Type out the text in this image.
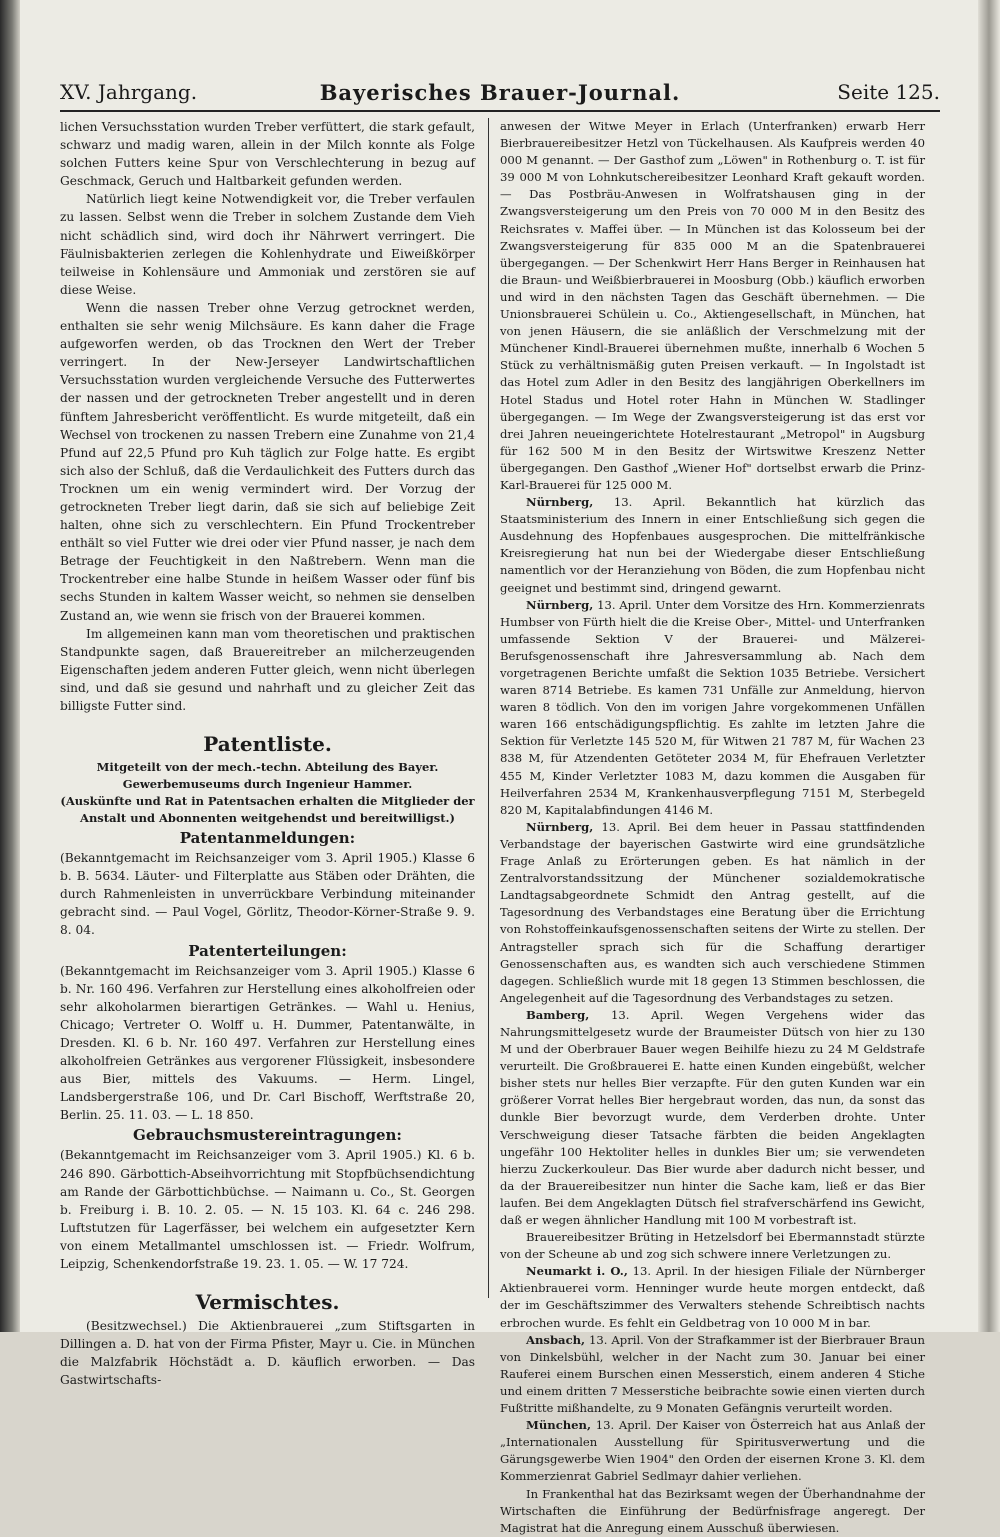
XV. Jahrgang.	Bayerisches Brauer-Journal.	Seite 125.

lichen Versuchsstation wurden Treber verfüttert, die stark gefault, schwarz und madig waren, allein in der Milch konnte als Folge solchen Futters keine Spur von Verschlechterung in bezug auf Geschmack, Geruch und Haltbarkeit gefunden werden.

Natürlich liegt keine Notwendigkeit vor, die Treber verfaulen zu lassen. Selbst wenn die Treber in solchem Zustande dem Vieh nicht schädlich sind, wird doch ihr Nährwert verringert. Die Fäulnisbakterien zerlegen die Kohlenhydrate und Eiweißkörper teilweise in Kohlensäure und Ammoniak und zerstören sie auf diese Weise.

Wenn die nassen Treber ohne Verzug getrocknet werden, enthalten sie sehr wenig Milchsäure. Es kann daher die Frage aufgeworfen werden, ob das Trocknen den Wert der Treber verringert. In der New-Jerseyer Landwirtschaftlichen Versuchsstation wurden vergleichende Versuche des Futterwertes der nassen und der getrockneten Treber angestellt und in deren fünftem Jahresbericht veröffentlicht. Es wurde mitgeteilt, daß ein Wechsel von trockenen zu nassen Trebern eine Zunahme von 21,4 Pfund auf 22,5 Pfund pro Kuh täglich zur Folge hatte. Es ergibt sich also der Schluß, daß die Verdaulichkeit des Futters durch das Trocknen um ein wenig vermindert wird. Der Vorzug der getrockneten Treber liegt darin, daß sie sich auf beliebige Zeit halten, ohne sich zu verschlechtern. Ein Pfund Trockentreber enthält so viel Futter wie drei oder vier Pfund nasser, je nach dem Betrage der Feuchtigkeit in den Naßtrebern. Wenn man die Trockentreber eine halbe Stunde in heißem Wasser oder fünf bis sechs Stunden in kaltem Wasser weicht, so nehmen sie denselben Zustand an, wie wenn sie frisch von der Brauerei kommen.

Im allgemeinen kann man vom theoretischen und praktischen Standpunkte sagen, daß Brauereitreber an milcherzeugenden Eigenschaften jedem anderen Futter gleich, wenn nicht überlegen sind, und daß sie gesund und nahrhaft und zu gleicher Zeit das billigste Futter sind.

Patentliste.

Mitgeteilt von der mech.-techn. Abteilung des Bayer. Gewerbemuseums durch Ingenieur Hammer.

(Auskünfte und Rat in Patentsachen erhalten die Mitglieder der Anstalt und Abonnenten weitgehendst und bereitwilligst.)

Patentanmeldungen:

(Bekanntgemacht im Reichsanzeiger vom 3. April 1905.) Klasse 6 b. B. 5634. Läuter- und Filterplatte aus Stäben oder Drähten, die durch Rahmenleisten in unverrückbare Verbindung miteinander gebracht sind. — Paul Vogel, Görlitz, Theodor-Körner-Straße 9. 9. 8. 04.

Patenterteilungen:

(Bekanntgemacht im Reichsanzeiger vom 3. April 1905.) Klasse 6 b. Nr. 160 496. Verfahren zur Herstellung eines alkoholfreien oder sehr alkoholarmen bierartigen Getränkes. — Wahl u. Henius, Chicago; Vertreter O. Wolff u. H. Dummer, Patentanwälte, in Dresden. Kl. 6 b. Nr. 160 497. Verfahren zur Herstellung eines alkoholfreien Getränkes aus vergorener Flüssigkeit, insbesondere aus Bier, mittels des Vakuums. — Herm. Lingel, Landsbergerstraße 106, und Dr. Carl Bischoff, Werftstraße 20, Berlin. 25. 11. 03. — L. 18 850.

Gebrauchsmustereintragungen:

(Bekanntgemacht im Reichsanzeiger vom 3. April 1905.) Kl. 6 b. 246 890. Gärbottich-Abseihvorrichtung mit Stopfbüchsendichtung am Rande der Gärbottichbüchse. — Naimann u. Co., St. Georgen b. Freiburg i. B. 10. 2. 05. — N. 15 103. Kl. 64 c. 246 298. Luftstutzen für Lagerfässer, bei welchem ein aufgesetzter Kern von einem Metallmantel umschlossen ist. — Friedr. Wolfrum, Leipzig, Schenkendorfstraße 19. 23. 1. 05. — W. 17 724.

Vermischtes.

(Besitzwechsel.) Die Aktienbrauerei „zum Stiftsgarten in Dillingen a. D. hat von der Firma Pfister, Mayr u. Cie. in München die Malzfabrik Höchstädt a. D. käuflich erworben. — Das Gastwirtschafts-

anwesen der Witwe Meyer in Erlach (Unterfranken) erwarb Herr Bierbrauereibesitzer Hetzl von Tückelhausen. Als Kaufpreis werden 40 000 M genannt. — Der Gasthof zum „Löwen" in Rothenburg o. T. ist für 39 000 M von Lohnkutschereibesitzer Leonhard Kraft gekauft worden. — Das Postbräu-Anwesen in Wolfratshausen ging in der Zwangsversteigerung um den Preis von 70 000 M in den Besitz des Reichsrates v. Maffei über. — In München ist das Kolosseum bei der Zwangsversteigerung für 835 000 M an die Spatenbrauerei übergegangen. — Der Schenkwirt Herr Hans Berger in Reinhausen hat die Braun- und Weißbierbrauerei in Moosburg (Obb.) käuflich erworben und wird in den nächsten Tagen das Geschäft übernehmen. — Die Unionsbrauerei Schülein u. Co., Aktiengesellschaft, in München, hat von jenen Häusern, die sie anläßlich der Verschmelzung mit der Münchener Kindl-Brauerei übernehmen mußte, innerhalb 6 Wochen 5 Stück zu verhältnismäßig guten Preisen verkauft. — In Ingolstadt ist das Hotel zum Adler in den Besitz des langjährigen Oberkellners im Hotel Stadus und Hotel roter Hahn in München W. Stadlinger übergegangen. — Im Wege der Zwangsversteigerung ist das erst vor drei Jahren neueingerichtete Hotelrestaurant „Metropol" in Augsburg für 162 500 M in den Besitz der Wirtswitwe Kreszenz Netter übergegangen. Den Gasthof „Wiener Hof" dortselbst erwarb die Prinz-Karl-Brauerei für 125 000 M.

Nürnberg, 13. April. Bekanntlich hat kürzlich das Staatsministerium des Innern in einer Entschließung sich gegen die Ausdehnung des Hopfenbaues ausgesprochen. Die mittelfränkische Kreisregierung hat nun bei der Wiedergabe dieser Entschließung namentlich vor der Heranziehung von Böden, die zum Hopfenbau nicht geeignet und bestimmt sind, dringend gewarnt.

Nürnberg, 13. April. Unter dem Vorsitze des Hrn. Kommerzienrats Humbser von Fürth hielt die die Kreise Ober-, Mittel- und Unterfranken umfassende Sektion V der Brauerei- und Mälzerei-Berufsgenossenschaft ihre Jahresversammlung ab. Nach dem vorgetragenen Berichte umfaßt die Sektion 1035 Betriebe. Versichert waren 8714 Betriebe. Es kamen 731 Unfälle zur Anmeldung, hiervon waren 8 tödlich. Von den im vorigen Jahre vorgekommenen Unfällen waren 166 entschädigungspflichtig. Es zahlte im letzten Jahre die Sektion für Verletzte 145 520 M, für Witwen 21 787 M, für Wachen 23 838 M, für Atzendenten Getöteter 2034 M, für Ehefrauen Verletzter 455 M, Kinder Verletzter 1083 M, dazu kommen die Ausgaben für Heilverfahren 2534 M, Krankenhausverpflegung 7151 M, Sterbegeld 820 M, Kapitalabfindungen 4146 M.

Nürnberg, 13. April. Bei dem heuer in Passau stattfindenden Verbandstage der bayerischen Gastwirte wird eine grundsätzliche Frage Anlaß zu Erörterungen geben. Es hat nämlich in der Zentralvorstandssitzung der Münchener sozialdemokratische Landtagsabgeordnete Schmidt den Antrag gestellt, auf die Tagesordnung des Verbandstages eine Beratung über die Errichtung von Rohstoffeinkaufsgenossenschaften seitens der Wirte zu stellen. Der Antragsteller sprach sich für die Schaffung derartiger Genossenschaften aus, es wandten sich auch verschiedene Stimmen dagegen. Schließlich wurde mit 18 gegen 13 Stimmen beschlossen, die Angelegenheit auf die Tagesordnung des Verbandstages zu setzen.

Bamberg, 13. April. Wegen Vergehens wider das Nahrungsmittelgesetz wurde der Braumeister Dütsch von hier zu 130 M und der Oberbrauer Bauer wegen Beihilfe hiezu zu 24 M Geldstrafe verurteilt. Die Großbrauerei E. hatte einen Kunden eingebüßt, welcher bisher stets nur helles Bier verzapfte. Für den guten Kunden war ein größerer Vorrat helles Bier hergebraut worden, das nun, da sonst das dunkle Bier bevorzugt wurde, dem Verderben drohte. Unter Verschweigung dieser Tatsache färbten die beiden Angeklagten ungefähr 100 Hektoliter helles in dunkles Bier um; sie verwendeten hierzu Zuckerkouleur. Das Bier wurde aber dadurch nicht besser, und da der Brauereibesitzer nun hinter die Sache kam, ließ er das Bier laufen. Bei dem Angeklagten Dütsch fiel strafverschärfend ins Gewicht, daß er wegen ähnlicher Handlung mit 100 M vorbestraft ist.

Brauereibesitzer Brüting in Hetzelsdorf bei Ebermannstadt stürzte von der Scheune ab und zog sich schwere innere Verletzungen zu.

Neumarkt i. O., 13. April. In der hiesigen Filiale der Nürnberger Aktienbrauerei vorm. Henninger wurde heute morgen entdeckt, daß der im Geschäftszimmer des Verwalters stehende Schreibtisch nachts erbrochen wurde. Es fehlt ein Geldbetrag von 10 000 M in bar.

Ansbach, 13. April. Von der Strafkammer ist der Bierbrauer Braun von Dinkelsbühl, welcher in der Nacht zum 30. Januar bei einer Rauferei einem Burschen einen Messerstich, einem anderen 4 Stiche und einem dritten 7 Messerstiche beibrachte sowie einen vierten durch Fußtritte mißhandelte, zu 9 Monaten Gefängnis verurteilt worden.

München, 13. April. Der Kaiser von Österreich hat aus Anlaß der „Internationalen Ausstellung für Spiritusverwertung und die Gärungsgewerbe Wien 1904" den Orden der eisernen Krone 3. Kl. dem Kommerzienrat Gabriel Sedlmayr dahier verliehen.

In Frankenthal hat das Bezirksamt wegen der Überhandnahme der Wirtschaften die Einführung der Bedürfnisfrage angeregt. Der Magistrat hat die Anregung einem Ausschuß überwiesen.
